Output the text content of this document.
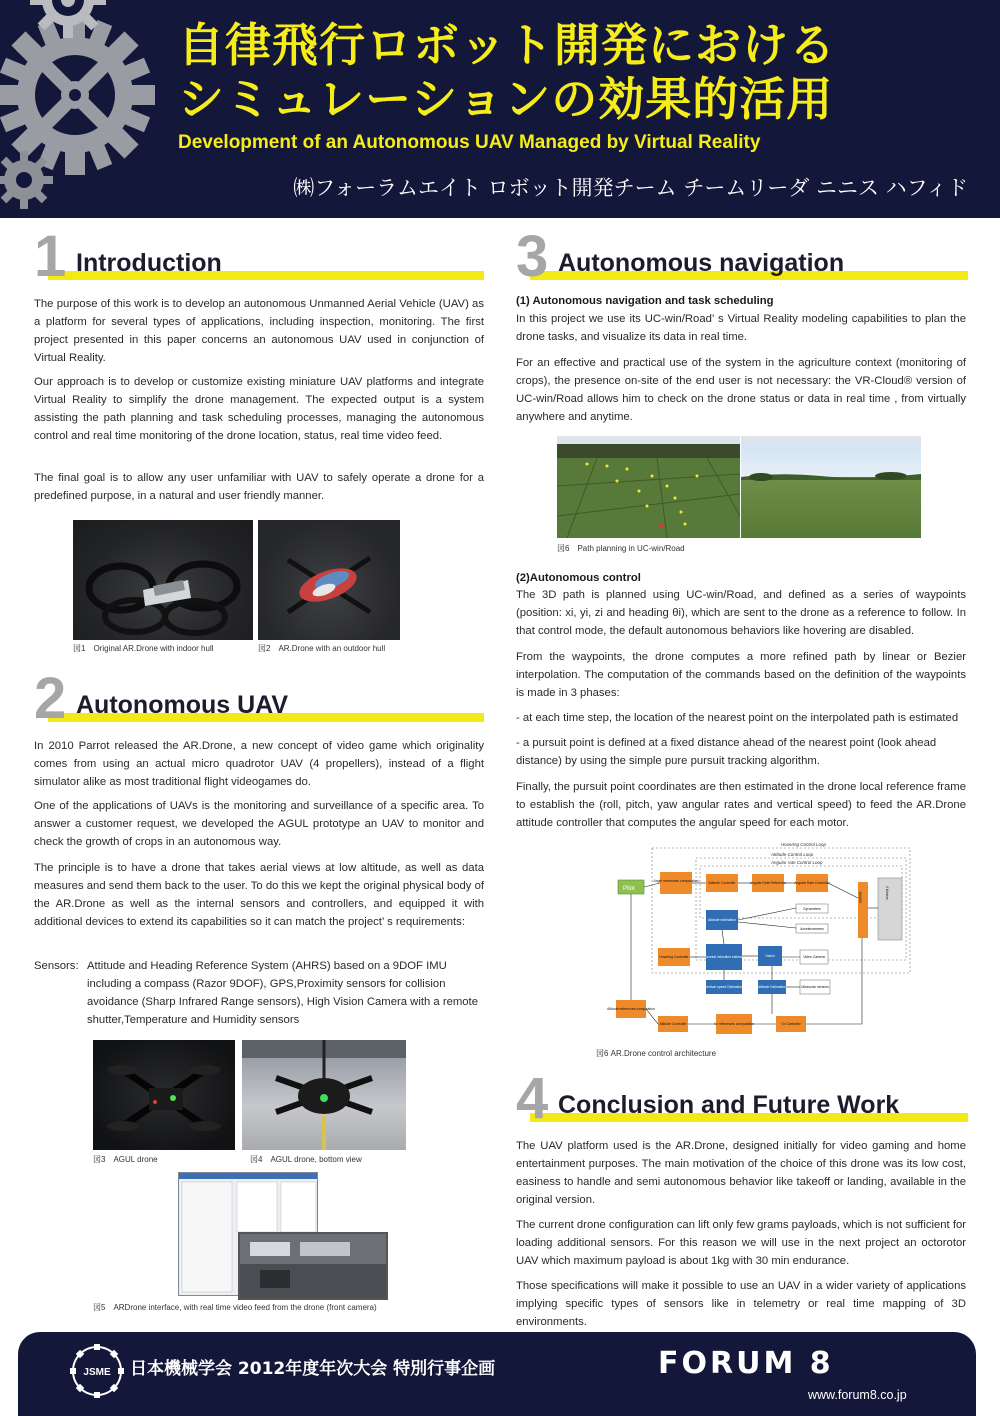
自律飛行ロボット開発における
シミュレーションの効果的活用
Development of an Autonomous UAV Managed by Virtual Reality
㈱フォーラムエイト ロボット開発チーム チームリーダ ニニス ハフィド
1 Introduction
The purpose of this work is to develop an autonomous Unmanned Aerial Vehicle (UAV) as a platform for several types of applications, including inspection, monitoring. The first project presented in this paper concerns an autonomous UAV used in conjunction of Virtual Reality.
Our approach is to develop or customize existing miniature UAV platforms and integrate Virtual Reality to simplify the drone management. The expected output is a system assisting the path planning and task scheduling processes, managing the autonomous control and real time monitoring of the drone location, status, real time video feed.
The final goal is to allow any user unfamiliar with UAV to safely operate a drone for a predefined purpose, in a natural and user friendly manner.
図1　Original AR.Drone with indoor hull	図2　AR.Drone with an outdoor hull
2 Autonomous UAV
In 2010 Parrot released the AR.Drone, a new concept of video game which originality comes from using an actual micro quadrotor UAV (4 propellers), instead of a flight simulator alike as most traditional flight videogames do.
One of the applications of UAVs is the monitoring and surveillance of a specific area. To answer a customer request, we developed the AGUL prototype an UAV to monitor and check the growth of crops in an autonomous way.
The principle is to have a drone that takes aerial views at low altitude, as well as data measures and send them back to the user. To do this we kept the original physical body of the AR.Drone as well as the internal sensors and controllers, and equipped it with additional devices to extend its capabilities so it can match the project’ s requirements:
Sensors: Attitude and Heading Reference System (AHRS) based on a 9DOF IMU including a compass (Razor 9DOF), GPS,Proximity sensors for collision avoidance (Sharp Infrared Range sensors), High Vision Camera with a remote shutter,Temperature and Humidity sensors
図3　AGUL drone	図4　AGUL drone, bottom view
図5　ARDrone interface, with real time video feed from the drone (front camera)
3 Autonomous navigation
(1) Autonomous navigation and task scheduling
In this project we use its UC-win/Road’ s Virtual Reality modeling capabilities to plan the drone tasks, and visualize its data in real time.
For an effective and practical use of the system in the agriculture context (monitoring of crops), the presence on-site of the end user is not necessary: the VR-Cloud® version of UC-win/Road allows him to check on the drone status or data in real time , from virtually anywhere and anytime.
図6　Path planning in UC-win/Road
(2)Autonomous control
The 3D path is planned using UC-win/Road, and defined as a series of waypoints (position: xi, yi, zi and heading θi), which are sent to the drone as a reference to follow. In that control mode, the default autonomous behaviors like hovering are disabled.
From the waypoints, the drone computes a more refined path by linear or Bezier interpolation. The computation of the commands based on the definition of the waypoints is made in 3 phases:
- at each time step, the location of the nearest point on the interpolated path is estimated
- a pursuit point is defined at a fixed distance ahead of the nearest point (look ahead distance) by using the simple pure pursuit tracking algorithm.
Finally, the pursuit point coordinates are then estimated in the drone local reference frame to establish the (roll, pitch, yaw angular rates and vertical speed) to feed the AR.Drone attitude controller that computes the angular speed for each motor.
Hovering Control Loop
Attitude Control Loop
Angular rate Control Loop
Pilot
Angle references computation	Attitude Controller	Angular Rate Reference Angular Rate Controller
Gyrometers
Accelerometers
Attitude estimation
Hovering Controller	Horizontal velocities estimation	Vision	Video Camera
Vertical speed Estimation	Altitude Estimation	Ultrasonic sensors
Altitude references computation
Altitude Controller	Vz references computation	Vz Controller
MIXER	4 Motors
図6 AR.Drone control architecture
4 Conclusion and Future Work
The UAV platform used is the AR.Drone, designed initially for video gaming and home entertainment purposes. The main motivation of the choice of this drone was its low cost, easiness to handle and semi autonomous behavior like takeoff or landing, available in the original version.
The current drone configuration can lift only few grams payloads, which is not sufficient for loading additional sensors. For this reason we will use in the next project an octorotor UAV which maximum payload is about 1kg with 30 min endurance.
Those specifications will make it possible to use an UAV in a wider variety of applications implying specific types of sensors like in telemetry or real time mapping of 3D environments.
JSME 日本機械学会 2012年度年次大会 特別行事企画	FORUM 8
www.forum8.co.jp
